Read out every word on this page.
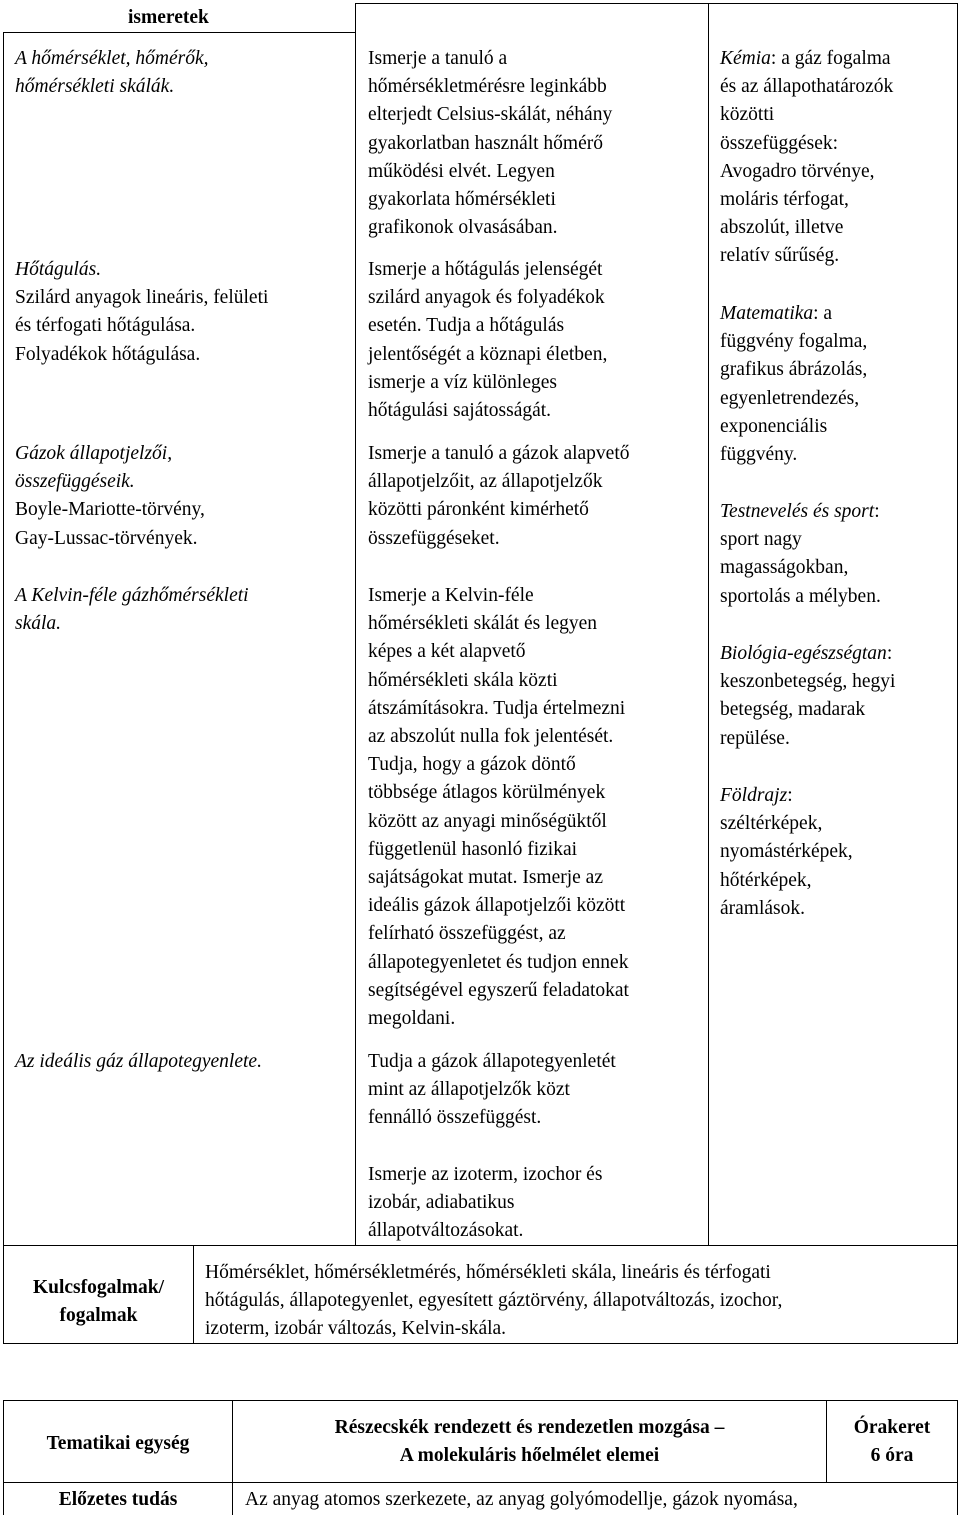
ismeretek
A hőmérséklet, hőmérők,
hőmérsékleti skálák.
Hőtágulás.
Szilárd anyagok lineáris, felületi
és térfogati hőtágulása.
Folyadékok hőtágulása.
Gázok állapotjelzői,
összefüggéseik.
Boyle-Mariotte-törvény,
Gay-Lussac-törvények.
A Kelvin-féle gázhőmérsékleti
skála.
Az ideális gáz állapotegyenlete.
Ismerje a tanuló a
hőmérsékletmérésre leginkább
elterjedt Celsius-skálát, néhány
gyakorlatban használt hőmérő
működési elvét. Legyen
gyakorlata hőmérsékleti
grafikonok olvasásában.
Ismerje a hőtágulás jelenségét
szilárd anyagok és folyadékok
esetén. Tudja a hőtágulás
jelentőségét a köznapi életben,
ismerje a víz különleges
hőtágulási sajátosságát.
Ismerje a tanuló a gázok alapvető
állapotjelzőit, az állapotjelzők
közötti páronként kimérhető
összefüggéseket.
Ismerje a Kelvin-féle
hőmérsékleti skálát és legyen
képes a két alapvető
hőmérsékleti skála közti
átszámításokra. Tudja értelmezni
az abszolút nulla fok jelentését.
Tudja, hogy a gázok döntő
többsége átlagos körülmények
között az anyagi minőségüktől
függetlenül hasonló fizikai
sajátságokat mutat. Ismerje az
ideális gázok állapotjelzői között
felírható összefüggést, az
állapotegyenletet és tudjon ennek
segítségével egyszerű feladatokat
megoldani.
Tudja a gázok állapotegyenletét
mint az állapotjelzők közt
fennálló összefüggést.
Ismerje az izoterm, izochor és
izobár, adiabatikus
állapotváltozásokat.
Kémia: a gáz fogalma
és az állapothatározók
közötti
összefüggések:
Avogadro törvénye,
moláris térfogat,
abszolút, illetve
relatív sűrűség.
Matematika: a
függvény fogalma,
grafikus ábrázolás,
egyenletrendezés,
exponenciális
függvény.
Testnevelés és sport:
sport nagy
magasságokban,
sportolás a mélyben.
Biológia-egészségtan:
keszonbetegség, hegyi
betegség, madarak
repülése.
Földrajz:
széltérképek,
nyomástérképek,
hőtérképek,
áramlások.
Kulcsfogalmak/
fogalmak
Hőmérséklet, hőmérsékletmérés, hőmérsékleti skála, lineáris és térfogati
hőtágulás, állapotegyenlet, egyesített gáztörvény, állapotváltozás, izochor,
izoterm, izobár változás, Kelvin-skála.
Tematikai egység
Részecskék rendezett és rendezetlen mozgása –
A molekuláris hőelmélet elemei
Órakeret
6 óra
Előzetes tudás	Az anyag atomos szerkezete, az anyag golyómodellje, gázok nyomása,
